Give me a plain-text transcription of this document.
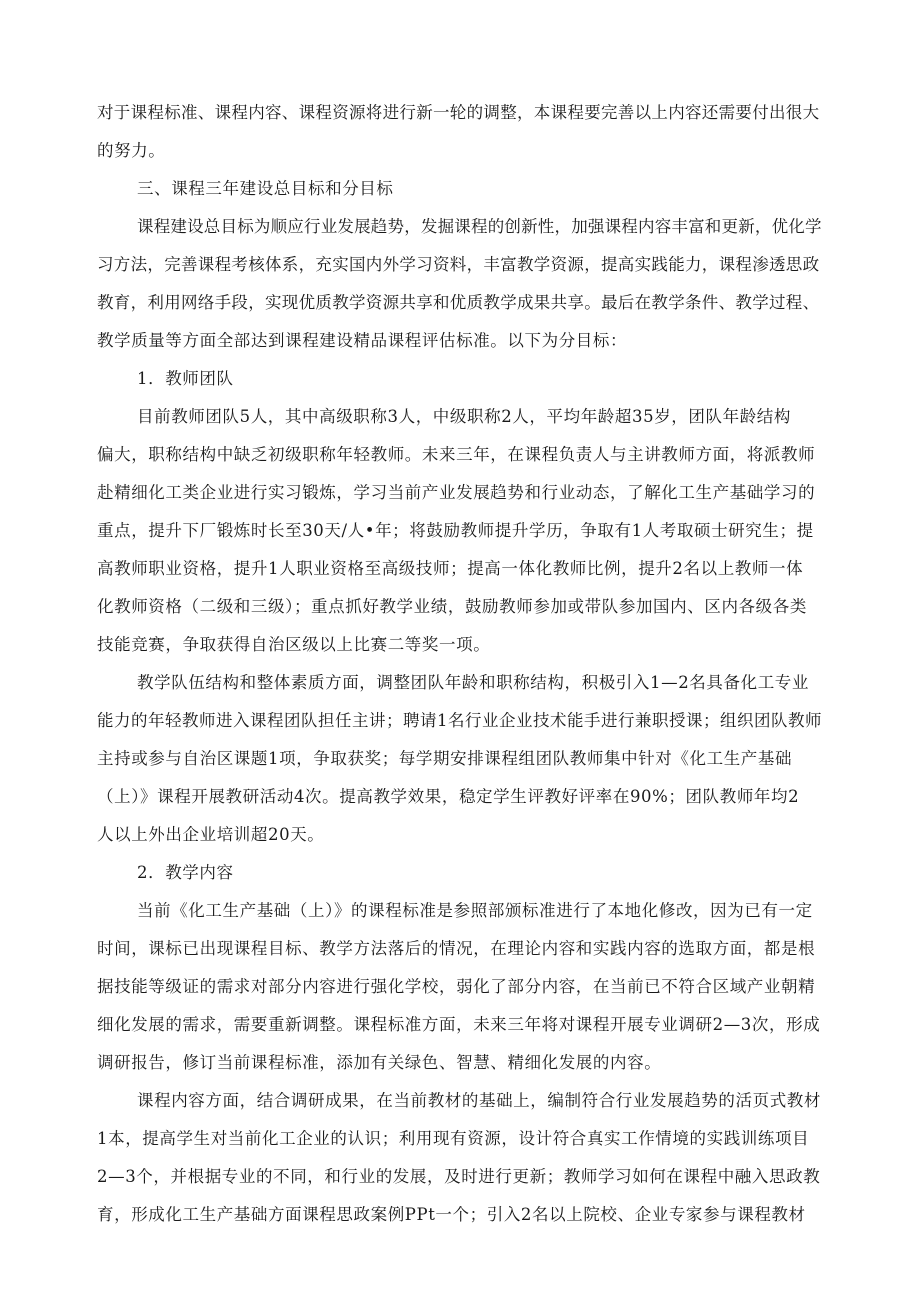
对于课程标准、课程内容、课程资源将进行新一轮的调整，本课程要完善以上内容还需要付出很大
的努力。
三、课程三年建设总目标和分目标
课程建设总目标为顺应行业发展趋势，发掘课程的创新性，加强课程内容丰富和更新，优化学
习方法，完善课程考核体系，充实国内外学习资料，丰富教学资源，提高实践能力，课程渗透思政
教育，利用网络手段，实现优质教学资源共享和优质教学成果共享。最后在教学条件、教学过程、
教学质量等方面全部达到课程建设精品课程评估标准。以下为分目标：
1．教师团队
目前教师团队5人，其中高级职称3人，中级职称2人，平均年龄超35岁，团队年龄结构
偏大，职称结构中缺乏初级职称年轻教师。未来三年，在课程负责人与主讲教师方面，将派教师
赴精细化工类企业进行实习锻炼，学习当前产业发展趋势和行业动态，了解化工生产基础学习的
重点，提升下厂锻炼时长至30天/人•年；将鼓励教师提升学历，争取有1人考取硕士研究生；提
高教师职业资格，提升1人职业资格至高级技师；提高一体化教师比例，提升2名以上教师一体
化教师资格（二级和三级）；重点抓好教学业绩，鼓励教师参加或带队参加国内、区内各级各类
技能竞赛，争取获得自治区级以上比赛二等奖一项。
教学队伍结构和整体素质方面，调整团队年龄和职称结构，积极引入1—2名具备化工专业
能力的年轻教师进入课程团队担任主讲；聘请1名行业企业技术能手进行兼职授课；组织团队教师
主持或参与自治区课题1项，争取获奖；每学期安排课程组团队教师集中针对《化工生产基础
（上）》课程开展教研活动4次。提高教学效果，稳定学生评教好评率在90%；团队教师年均2
人以上外出企业培训超20天。
2．教学内容
当前《化工生产基础（上）》的课程标准是参照部颁标准进行了本地化修改，因为已有一定
时间，课标已出现课程目标、教学方法落后的情况，在理论内容和实践内容的选取方面，都是根
据技能等级证的需求对部分内容进行强化学校，弱化了部分内容，在当前已不符合区域产业朝精
细化发展的需求，需要重新调整。课程标准方面，未来三年将对课程开展专业调研2—3次，形成
调研报告，修订当前课程标准，添加有关绿色、智慧、精细化发展的内容。
课程内容方面，结合调研成果，在当前教材的基础上，编制符合行业发展趋势的活页式教材
1本，提高学生对当前化工企业的认识；利用现有资源，设计符合真实工作情境的实践训练项目
2—3个，并根据专业的不同，和行业的发展，及时进行更新；教师学习如何在课程中融入思政教
育，形成化工生产基础方面课程思政案例PPt一个；引入2名以上院校、企业专家参与课程教材
